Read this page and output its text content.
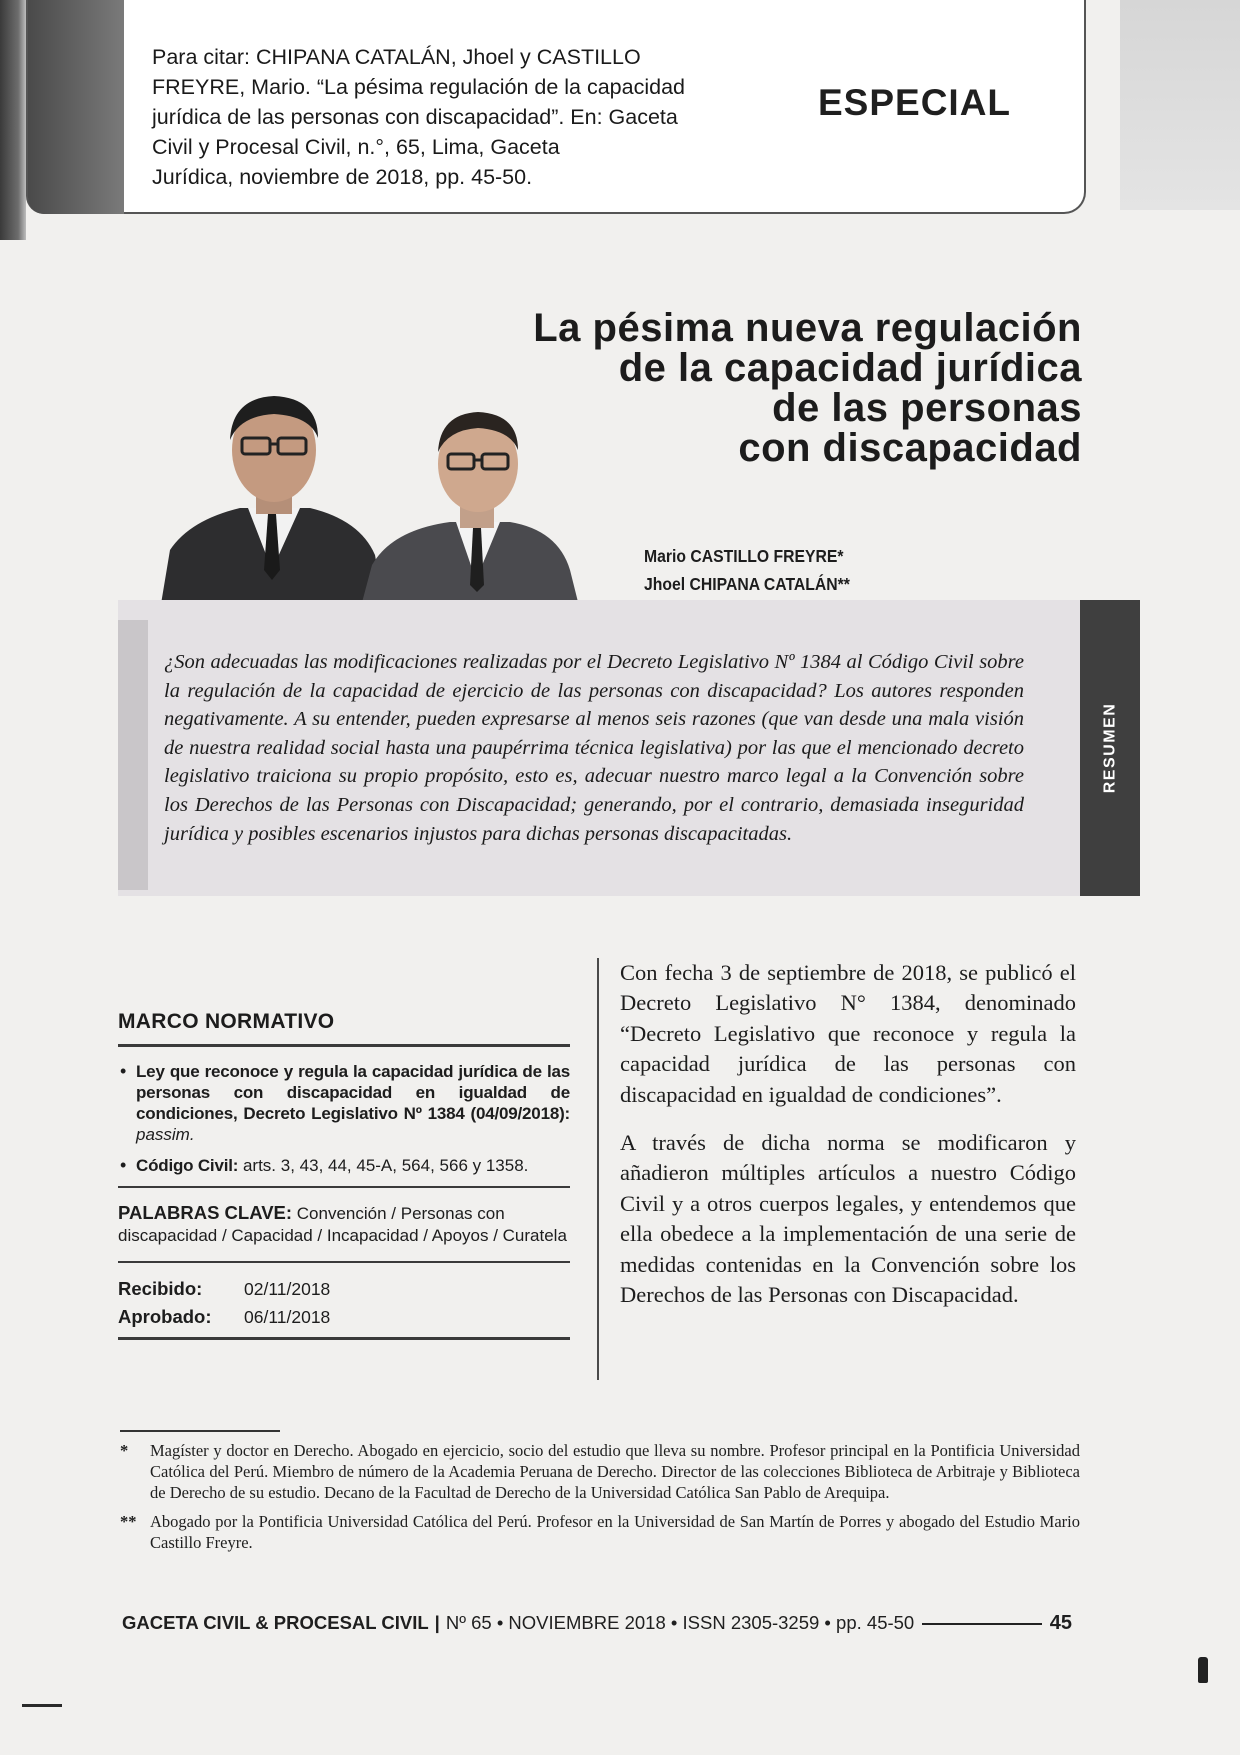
Para citar: CHIPANA CATALÁN, Jhoel y CASTILLO
FREYRE, Mario. “La pésima regulación de la capacidad
jurídica de las personas con discapacidad”. En: Gaceta
Civil y Procesal Civil, n.°, 65, Lima, Gaceta
Jurídica, noviembre de 2018, pp. 45-50.
ESPECIAL
La pésima nueva regulación
de la capacidad jurídica
de las personas
con discapacidad
Mario CASTILLO FREYRE*
Jhoel CHIPANA CATALÁN**
¿Son adecuadas las modificaciones realizadas por el Decreto Legislativo Nº 1384 al Código Civil sobre la regulación de la capacidad de ejercicio de las personas con discapacidad? Los autores responden negativamente. A su entender, pueden expresarse al menos seis razones (que van desde una mala visión de nuestra realidad social hasta una paupérrima técnica legislativa) por las que el mencionado decreto legislativo traiciona su propio propósito, esto es, adecuar nuestro marco legal a la Convención sobre los Derechos de las Personas con Discapacidad; generando, por el contrario, demasiada inseguridad jurídica y posibles escenarios injustos para dichas personas discapacitadas.
RESUMEN
MARCO NORMATIVO
• Ley que reconoce y regula la capacidad jurídica de las personas con discapacidad en igualdad de condiciones, Decreto Legislativo Nº 1384 (04/09/2018): passim.
• Código Civil: arts. 3, 43, 44, 45-A, 564, 566 y 1358.
PALABRAS CLAVE: Convención / Personas con discapacidad / Capacidad / Incapacidad / Apoyos / Curatela
Recibido: 02/11/2018
Aprobado: 06/11/2018

Con fecha 3 de septiembre de 2018, se publicó el Decreto Legislativo N° 1384, denominado “Decreto Legislativo que reconoce y regula la capacidad jurídica de las personas con discapacidad en igualdad de condiciones”.

A través de dicha norma se modificaron y añadieron múltiples artículos a nuestro Código Civil y a otros cuerpos legales, y entendemos que ella obedece a la implementación de una serie de medidas contenidas en la Convención sobre los Derechos de las Personas con Discapacidad.

* Magíster y doctor en Derecho. Abogado en ejercicio, socio del estudio que lleva su nombre. Profesor principal en la Pontificia Universidad Católica del Perú. Miembro de número de la Academia Peruana de Derecho. Director de las colecciones Biblioteca de Arbitraje y Biblioteca de Derecho de su estudio. Decano de la Facultad de Derecho de la Universidad Católica San Pablo de Arequipa.
** Abogado por la Pontificia Universidad Católica del Perú. Profesor en la Universidad de San Martín de Porres y abogado del Estudio Mario Castillo Freyre.
GACETA CIVIL & PROCESAL CIVIL | Nº 65 • NOVIEMBRE 2018 • ISSN 2305-3259 • pp. 45-50	45
